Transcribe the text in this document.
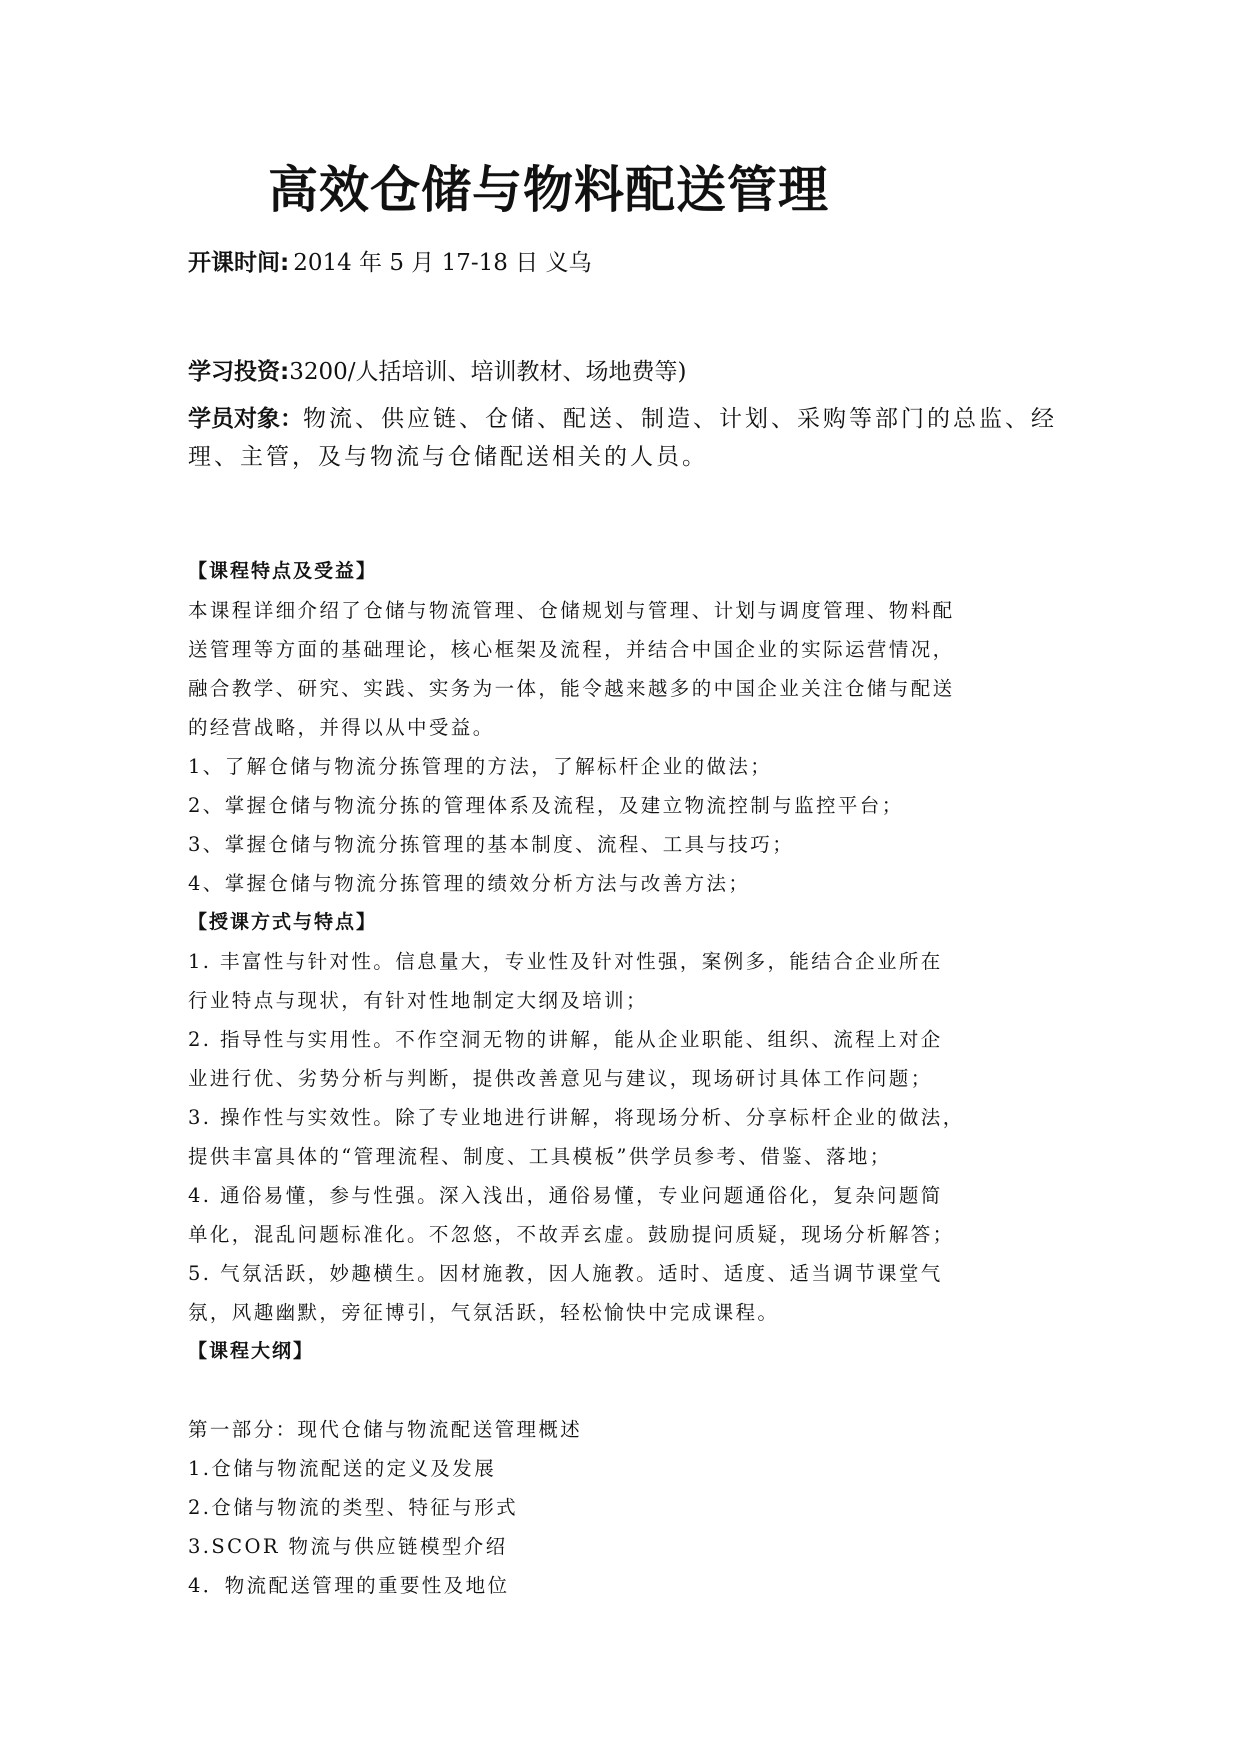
高效仓储与物料配送管理
开课时间: 2014 年 5 月 17-18 日 义乌
学习投资:3200/人括培训、培训教材、场地费等)
学员对象：物流、供应链、仓储、配送、制造、计划、采购等部门的总监、经理、主管，及与物流与仓储配送相关的人员。
【课程特点及受益】
本课程详细介绍了仓储与物流管理、仓储规划与管理、计划与调度管理、物料配
送管理等方面的基础理论，核心框架及流程，并结合中国企业的实际运营情况，
融合教学、研究、实践、实务为一体，能令越来越多的中国企业关注仓储与配送
的经营战略，并得以从中受益。
1、了解仓储与物流分拣管理的方法，了解标杆企业的做法；
2、掌握仓储与物流分拣的管理体系及流程，及建立物流控制与监控平台；
3、掌握仓储与物流分拣管理的基本制度、流程、工具与技巧；
4、掌握仓储与物流分拣管理的绩效分析方法与改善方法；
【授课方式与特点】
1. 丰富性与针对性。信息量大，专业性及针对性强，案例多，能结合企业所在
行业特点与现状，有针对性地制定大纲及培训；
2. 指导性与实用性。不作空洞无物的讲解，能从企业职能、组织、流程上对企
业进行优、劣势分析与判断，提供改善意见与建议，现场研讨具体工作问题；
3. 操作性与实效性。除了专业地进行讲解，将现场分析、分享标杆企业的做法，
提供丰富具体的“管理流程、制度、工具模板”供学员参考、借鉴、落地；
4. 通俗易懂，参与性强。深入浅出，通俗易懂，专业问题通俗化，复杂问题简
单化，混乱问题标准化。不忽悠，不故弄玄虚。鼓励提问质疑，现场分析解答；
5. 气氛活跃，妙趣横生。因材施教，因人施教。适时、适度、适当调节课堂气
氛，风趣幽默，旁征博引，气氛活跃，轻松愉快中完成课程。
【课程大纲】
第一部分：现代仓储与物流配送管理概述
1.仓储与物流配送的定义及发展
2.仓储与物流的类型、特征与形式
3.SCOR 物流与供应链模型介绍
4．物流配送管理的重要性及地位
